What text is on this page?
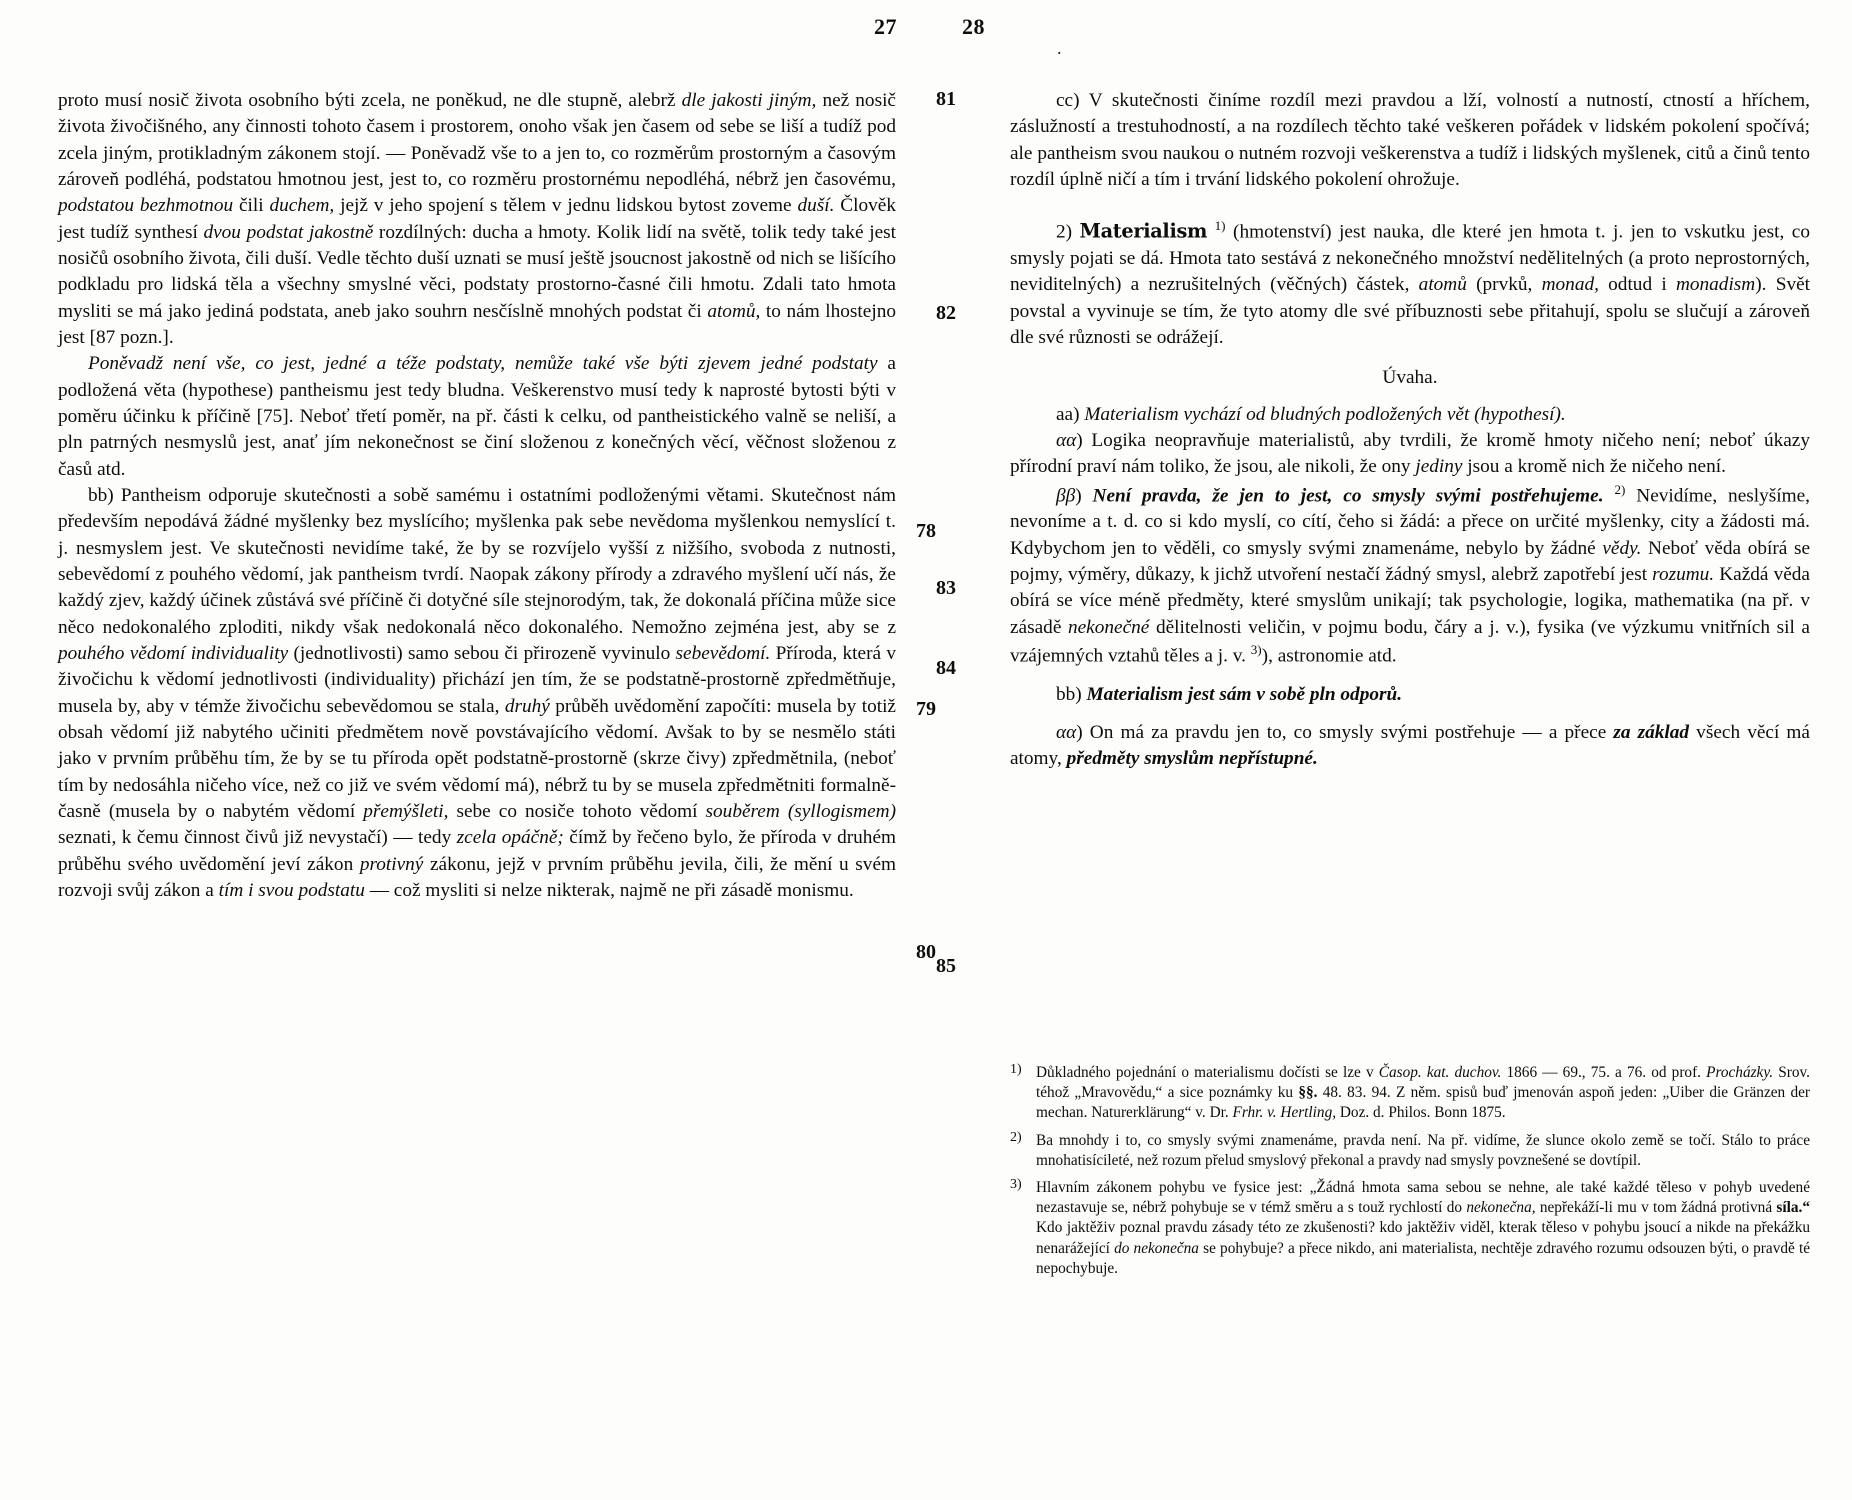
27	28
.

proto musí nosič života osobního býti zcela, ne poněkud, ne dle stupně, alebrž dle jakosti jiným, než nosič života živočišného, any činnosti tohoto časem i prostorem, onoho však jen časem od sebe se liší a tudíž pod zcela jiným, protikladným zákonem stojí. — Poněvadž vše to a jen to, co rozměrům prostorným a časovým zároveň podléhá, podstatou hmotnou jest, jest to, co rozměru prostornému nepodléhá, nébrž jen časovému, podstatou bezhmotnou čili duchem, jejž v jeho spojení s tělem v jednu lidskou bytost zoveme duší. Člověk jest tudíž synthesí dvou podstat jakostně rozdílných: ducha a hmoty. Kolik lidí na světě, tolik tedy také jest nosičů osobního života, čili duší. Vedle těchto duší uznati se musí ještě jsoucnost jakostně od nich se lišícího podkladu pro lidská těla a všechny smyslné věci, podstaty prostorno-časné čili hmotu. Zdali tato hmota mysliti se má jako jediná podstata, aneb jako souhrn nesčíslně mnohých podstat či atomů, to nám lhostejno jest [87 pozn.].

Poněvadž není vše, co jest, jedné a téže podstaty, nemůže také vše býti zjevem jedné podstaty a podložená věta (hypothese) pantheismu jest tedy bludna. Veškerenstvo musí tedy k naprosté bytosti býti v poměru účinku k příčině [75]. Neboť třetí poměr, na př. části k celku, od pantheistického valně se neliší, a pln patrných nesmyslů jest, anať jím nekonečnost se činí složenou z konečných věcí, věčnost složenou z časů atd.

bb) Pantheism odporuje skutečnosti a sobě samému i ostatními podloženými větami. Skutečnost nám především nepodává žádné myšlenky bez myslícího; myšlenka pak sebe nevědoma myšlenkou nemyslící t. j. nesmyslem jest. Ve skutečnosti nevidíme také, že by se rozvíjelo vyšší z nižšího, svoboda z nutnosti, sebevědomí z pouhého vědomí, jak pantheism tvrdí. Naopak zákony přírody a zdravého myšlení učí nás, že každý zjev, každý účinek zůstává své příčině či dotyčné síle stejnorodým, tak, že dokonalá příčina může sice něco nedokonalého zploditi, nikdy však nedokonalá něco dokonalého. Nemožno zejména jest, aby se z pouhého vědomí individuality (jednotlivosti) samo sebou či přirozeně vyvinulo sebevědomí. Příroda, která v živočichu k vědomí jednotlivosti (individuality) přichází jen tím, že se podstatně-prostorně zpředmětňuje, musela by, aby v témže živočichu sebevědomou se stala, druhý průběh uvědomění započíti: musela by totiž obsah vědomí již nabytého učiniti předmětem nově povstávajícího vědomí. Avšak to by se nesmělo státi jako v prvním průběhu tím, že by se tu příroda opět podstatně-prostorně (skrze čivy) zpředmětnila, (neboť tím by nedosáhla ničeho více, než co již ve svém vědomí má), nébrž tu by se musela zpředmětniti formalně-časně (musela by o nabytém vědomí přemýšleti, sebe co nosiče tohoto vědomí souběrem (syllogismem) seznati, k čemu činnost čivů již nevystačí) — tedy zcela opáčně; čímž by řečeno bylo, že příroda v druhém průběhu svého uvědomění jeví zákon protivný zákonu, jejž v prvním průběhu jevila, čili, že mění u svém rozvoji svůj zákon a tím i svou podstatu — což mysliti si nelze nikterak, najmě ne při zásadě monismu.

78
79
80

cc) V skutečnosti činíme rozdíl mezi pravdou a lží, volností a nutností, ctností a hříchem, záslužností a trestuhodností, a na rozdílech těchto také veškeren pořádek v lidském pokolení spočívá; ale pantheism svou naukou o nutném rozvoji veškerenstva a tudíž i lidských myšlenek, citů a činů tento rozdíl úplně ničí a tím i trvání lidského pokolení ohrožuje.

2) Materialism $^{1)}$ (hmotenství) jest nauka, dle které jen hmota t. j. jen to vskutku jest, co smysly pojati se dá. Hmota tato sestává z nekonečného množství nedělitelných (a proto neprostorných, neviditelných) a nezrušitelných (věčných) částek, atomů (prvků, monad, odtud i monadism). Svět povstal a vyvinuje se tím, že tyto atomy dle své příbuznosti sebe přitahují, spolu se slučují a zároveň dle své různosti se odrážejí.

Úvaha.

aa) Materialism vychází od bludných podložených vět (hypothesí).

αα) Logika neopravňuje materialistů, aby tvrdili, že kromě hmoty ničeho není; neboť úkazy přírodní praví nám toliko, že jsou, ale nikoli, že ony jediny jsou a kromě nich že ničeho není.

ββ) Není pravda, že jen to jest, co smysly svými postřehujeme. $^{2)}$ Nevidíme, neslyšíme, nevoníme a t. d. co si kdo myslí, co cítí, čeho si žádá: a přece on určité myšlenky, city a žádosti má. Kdybychom jen to věděli, co smysly svými znamenáme, nebylo by žádné vědy. Neboť věda obírá se pojmy, výměry, důkazy, k jichž utvoření nestačí žádný smysl, alebrž zapotřebí jest rozumu. Každá věda obírá se více méně předměty, které smyslům unikají; tak psychologie, logika, mathematika (na př. v zásadě nekonečné dělitelnosti veličin, v pojmu bodu, čáry a j. v.), fysika (ve výzkumu vnitřních sil a vzájemných vztahů těles a j. v. $^{3)}$), astronomie atd.

bb) Materialism jest sám v sobě pln odporů.

αα) On má za pravdu jen to, co smysly svými postřehuje — a přece za základ všech věcí má atomy, předměty smyslům nepřístupné.

81
82
83
84
85
1) Důkladného pojednání o materialismu dočísti se lze v Časop. kat. duchov. 1866 — 69., 75. a 76. od prof. Procházky. Srov. téhož „Mravovědu,“ a sice poznámky ku §§. 48. 83. 94. Z něm. spisů buď jmenován aspoň jeden: „Uiber die Gränzen der mechan. Naturerklärung“ v. Dr. Frhr. v. Hertling, Doz. d. Philos. Bonn 1875.
2) Ba mnohdy i to, co smysly svými znamenáme, pravda není. Na př. vidíme, že slunce okolo země se točí. Stálo to práce mnohatisícileté, než rozum přelud smyslový překonal a pravdy nad smysly povznešené se dovtípil.
3) Hlavním zákonem pohybu ve fysice jest: „Žádná hmota sama sebou se nehne, ale také každé těleso v pohyb uvedené nezastavuje se, nébrž pohybuje se v témž směru a s touž rychlostí do nekonečna, nepřekáží-li mu v tom žádná protivná síla.“ Kdo jaktěživ poznal pravdu zásady této ze zkušenosti? kdo jaktěživ viděl, kterak těleso v pohybu jsoucí a nikde na překážku nenarážející do nekonečna se pohybuje? a přece nikdo, ani materialista, nechtěje zdravého rozumu odsouzen býti, o pravdě té nepochybuje.
